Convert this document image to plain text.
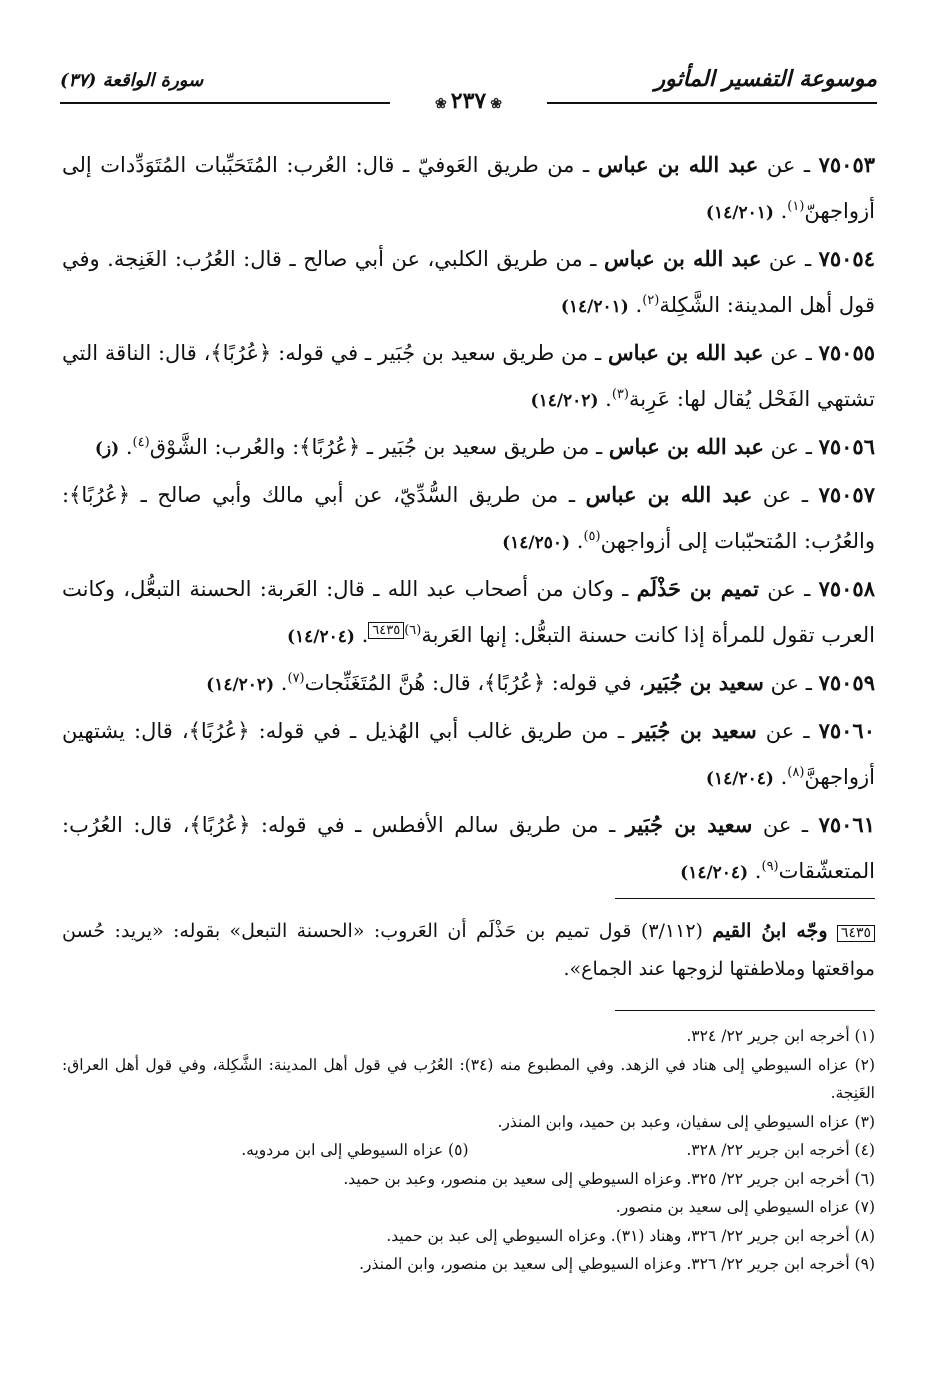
موسوعة التفسير المأثور
سورة الواقعة (٣٧)
❀٢٣٧❀

٧٥٠٥٣ ـ عن عبد الله بن عباس ـ من طريق العَوفيّ ـ قال: العُرب: المُتَحَبِّبات المُتَوَدِّدات إلى أزواجهنّ$^{(١)}$. (١٤/٢٠١)

٧٥٠٥٤ ـ عن عبد الله بن عباس ـ من طريق الكلبي، عن أبي صالح ـ قال: العُرُب: الغَنِجة. وفي قول أهل المدينة: الشَّكِلة$^{(٢)}$. (١٤/٢٠١)

٧٥٠٥٥ ـ عن عبد الله بن عباس ـ من طريق سعيد بن جُبَير ـ في قوله: ﴿عُرُبًا﴾، قال: الناقة التي تشتهي الفَحْل يُقال لها: عَرِبة$^{(٣)}$. (١٤/٢٠٢)

٧٥٠٥٦ ـ عن عبد الله بن عباس ـ من طريق سعيد بن جُبَير ـ ﴿عُرُبًا﴾: والعُرب: الشَّوْق$^{(٤)}$. (ز)

٧٥٠٥٧ ـ عن عبد الله بن عباس ـ من طريق السُّدِّيّ، عن أبي مالك وأبي صالح ـ ﴿عُرُبًا﴾: والعُرُب: المُتحبّبات إلى أزواجهن$^{(٥)}$. (١٤/٢٥٠)

٧٥٠٥٨ ـ عن تميم بن حَذْلَم ـ وكان من أصحاب عبد الله ـ قال: العَربة: الحسنة التبعُّل، وكانت العرب تقول للمرأة إذا كانت حسنة التبعُّل: إنها العَربة$^{(٦)}$٦٤٣٥. (١٤/٢٠٤)

٧٥٠٥٩ ـ عن سعيد بن جُبَير، في قوله: ﴿عُرُبًا﴾، قال: هُنَّ المُتَغَنِّجات$^{(٧)}$. (١٤/٢٠٢)

٧٥٠٦٠ ـ عن سعيد بن جُبَير ـ من طريق غالب أبي الهُذيل ـ في قوله: ﴿عُرُبًا﴾، قال: يشتهين أزواجهنَّ$^{(٨)}$. (١٤/٢٠٤)

٧٥٠٦١ ـ عن سعيد بن جُبَير ـ من طريق سالم الأفطس ـ في قوله: ﴿عُرُبًا﴾، قال: العُرُب: المتعشّقات$^{(٩)}$. (١٤/٢٠٤)

٦٤٣٥ وجّه ابنُ القيم (٣/١١٢) قول تميم بن حَذْلَم أن العَروب: «الحسنة التبعل» بقوله: «يريد: حُسن مواقعتها وملاطفتها لزوجها عند الجماع».

(١) أخرجه ابن جرير ٢٢/ ٣٢٤.

(٢) عزاه السيوطي إلى هناد في الزهد. وفي المطبوع منه (٣٤): العُرُب في قول أهل المدينة: الشَّكِلة، وفي قول أهل العراق: الغَنِجة.

(٣) عزاه السيوطي إلى سفيان، وعبد بن حميد، وابن المنذر.

(٤) أخرجه ابن جرير ٢٢/ ٣٢٨.

(٥) عزاه السيوطي إلى ابن مردويه.

(٦) أخرجه ابن جرير ٢٢/ ٣٢٥. وعزاه السيوطي إلى سعيد بن منصور، وعبد بن حميد.

(٧) عزاه السيوطي إلى سعيد بن منصور.

(٨) أخرجه ابن جرير ٢٢/ ٣٢٦، وهناد (٣١). وعزاه السيوطي إلى عبد بن حميد.

(٩) أخرجه ابن جرير ٢٢/ ٣٢٦. وعزاه السيوطي إلى سعيد بن منصور، وابن المنذر.
